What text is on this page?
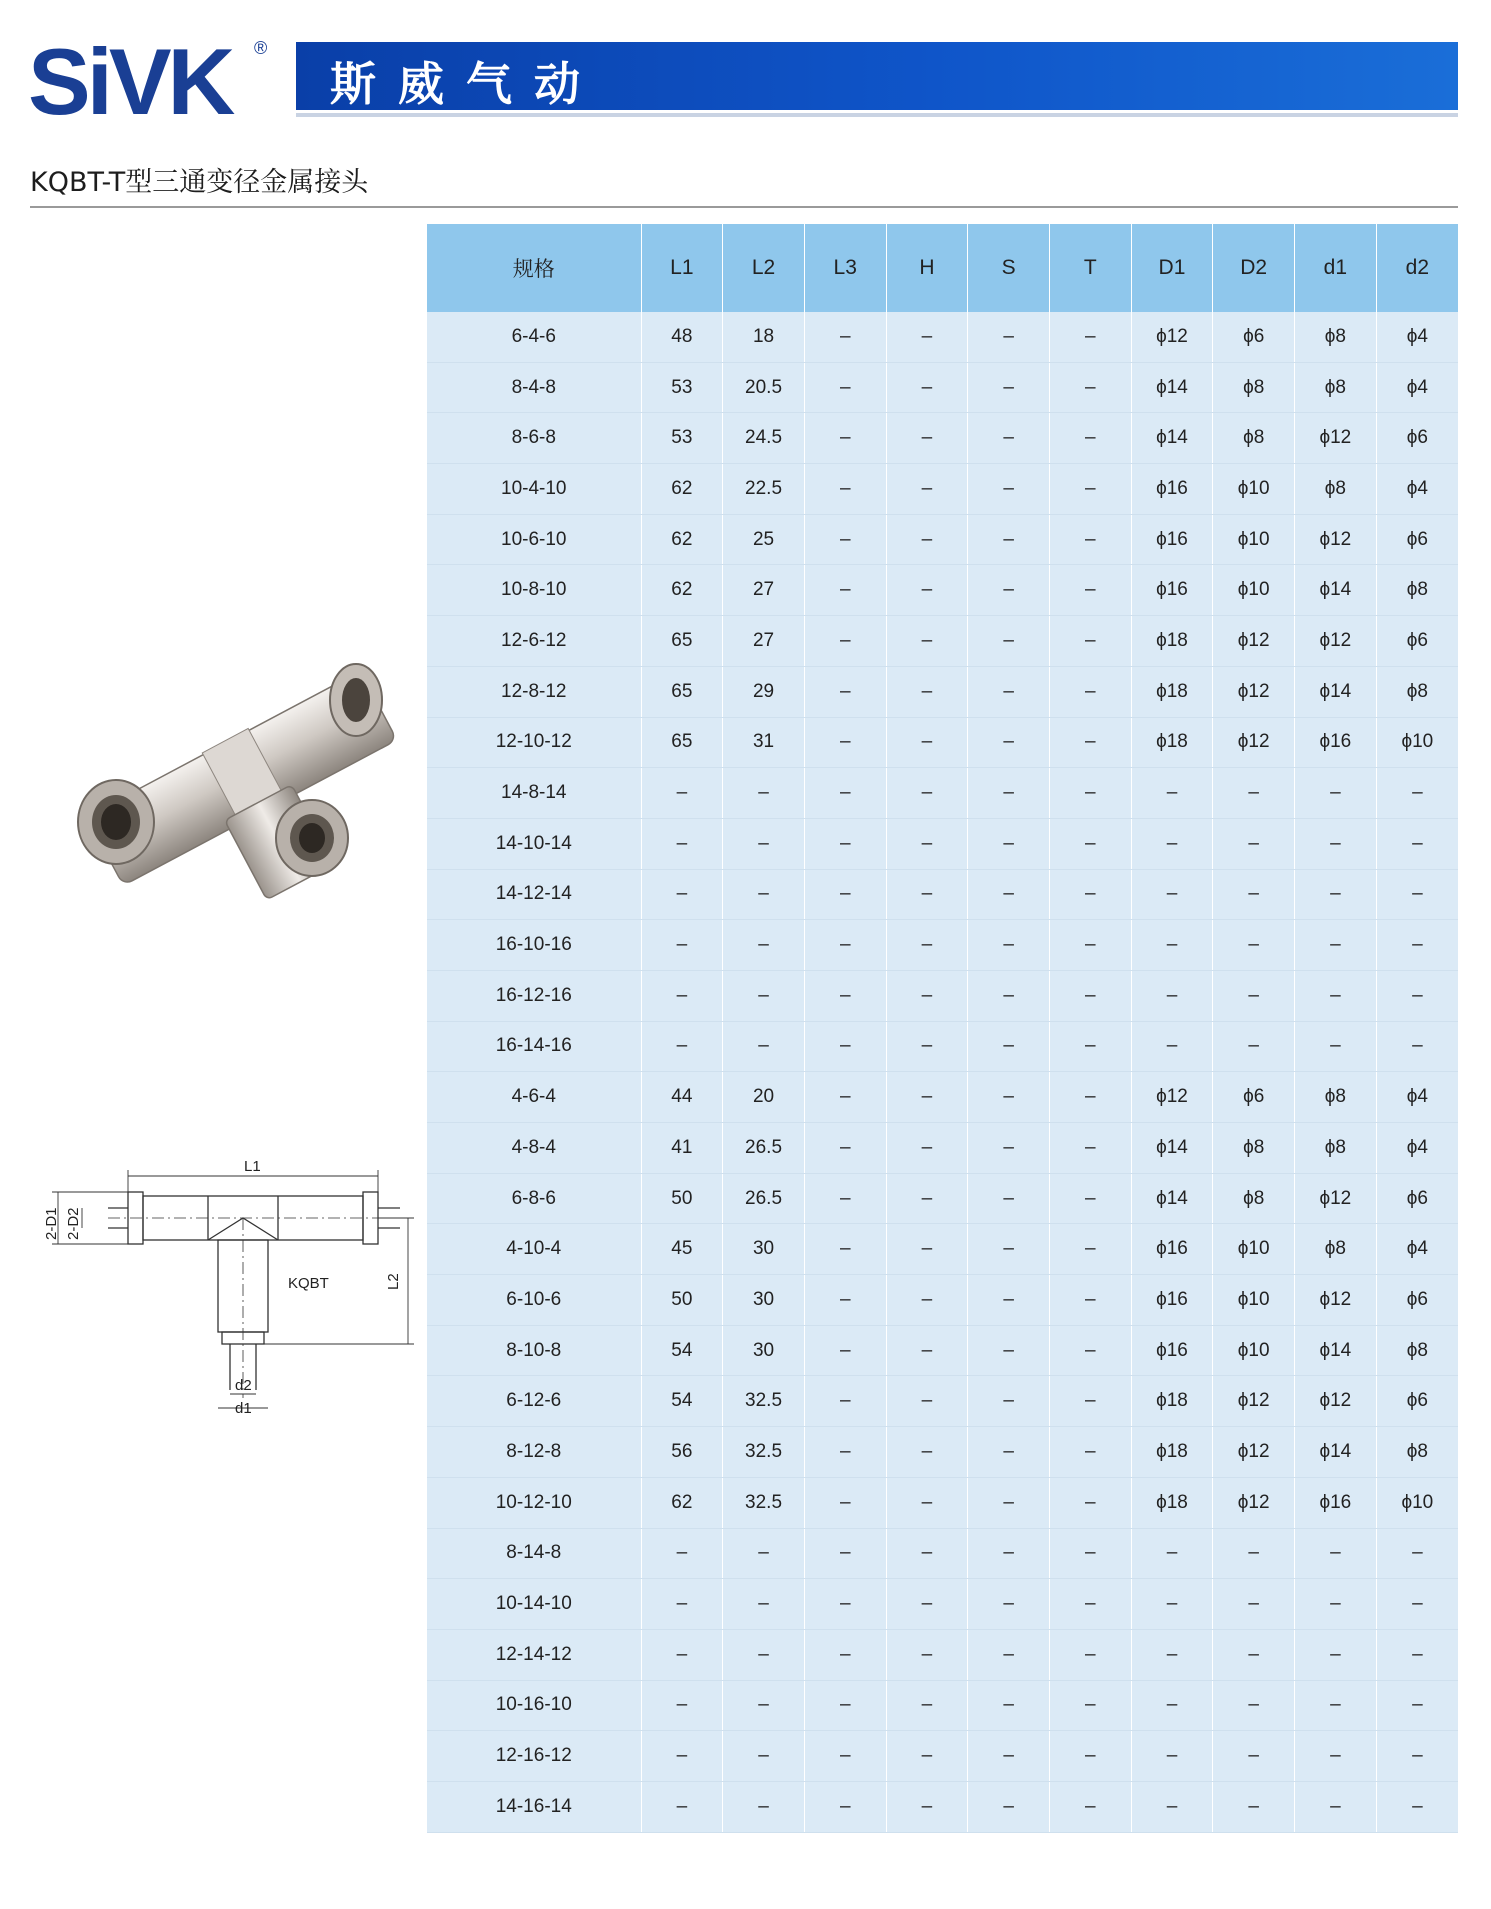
SiVK ®
斯威气动
KQBT-T型三通变径金属接头
L1
L2
2-D1 2-D2
KQBT
d2
d1
规格	L1	L2	L3	H	S	T	D1	D2	d1	d2
6-4-6	48	18	–	–	–	–	ϕ12	ϕ6	ϕ8	ϕ4
8-4-8	53	20.5	–	–	–	–	ϕ14	ϕ8	ϕ8	ϕ4
8-6-8	53	24.5	–	–	–	–	ϕ14	ϕ8	ϕ12	ϕ6
10-4-10	62	22.5	–	–	–	–	ϕ16	ϕ10	ϕ8	ϕ4
10-6-10	62	25	–	–	–	–	ϕ16	ϕ10	ϕ12	ϕ6
10-8-10	62	27	–	–	–	–	ϕ16	ϕ10	ϕ14	ϕ8
12-6-12	65	27	–	–	–	–	ϕ18	ϕ12	ϕ12	ϕ6
12-8-12	65	29	–	–	–	–	ϕ18	ϕ12	ϕ14	ϕ8
12-10-12	65	31	–	–	–	–	ϕ18	ϕ12	ϕ16	ϕ10
14-8-14	–	–	–	–	–	–	–	–	–	–
14-10-14	–	–	–	–	–	–	–	–	–	–
14-12-14	–	–	–	–	–	–	–	–	–	–
16-10-16	–	–	–	–	–	–	–	–	–	–
16-12-16	–	–	–	–	–	–	–	–	–	–
16-14-16	–	–	–	–	–	–	–	–	–	–
4-6-4	44	20	–	–	–	–	ϕ12	ϕ6	ϕ8	ϕ4
4-8-4	41	26.5	–	–	–	–	ϕ14	ϕ8	ϕ8	ϕ4
6-8-6	50	26.5	–	–	–	–	ϕ14	ϕ8	ϕ12	ϕ6
4-10-4	45	30	–	–	–	–	ϕ16	ϕ10	ϕ8	ϕ4
6-10-6	50	30	–	–	–	–	ϕ16	ϕ10	ϕ12	ϕ6
8-10-8	54	30	–	–	–	–	ϕ16	ϕ10	ϕ14	ϕ8
6-12-6	54	32.5	–	–	–	–	ϕ18	ϕ12	ϕ12	ϕ6
8-12-8	56	32.5	–	–	–	–	ϕ18	ϕ12	ϕ14	ϕ8
10-12-10	62	32.5	–	–	–	–	ϕ18	ϕ12	ϕ16	ϕ10
8-14-8	–	–	–	–	–	–	–	–	–	–
10-14-10	–	–	–	–	–	–	–	–	–	–
12-14-12	–	–	–	–	–	–	–	–	–	–
10-16-10	–	–	–	–	–	–	–	–	–	–
12-16-12	–	–	–	–	–	–	–	–	–	–
14-16-14	–	–	–	–	–	–	–	–	–	–
